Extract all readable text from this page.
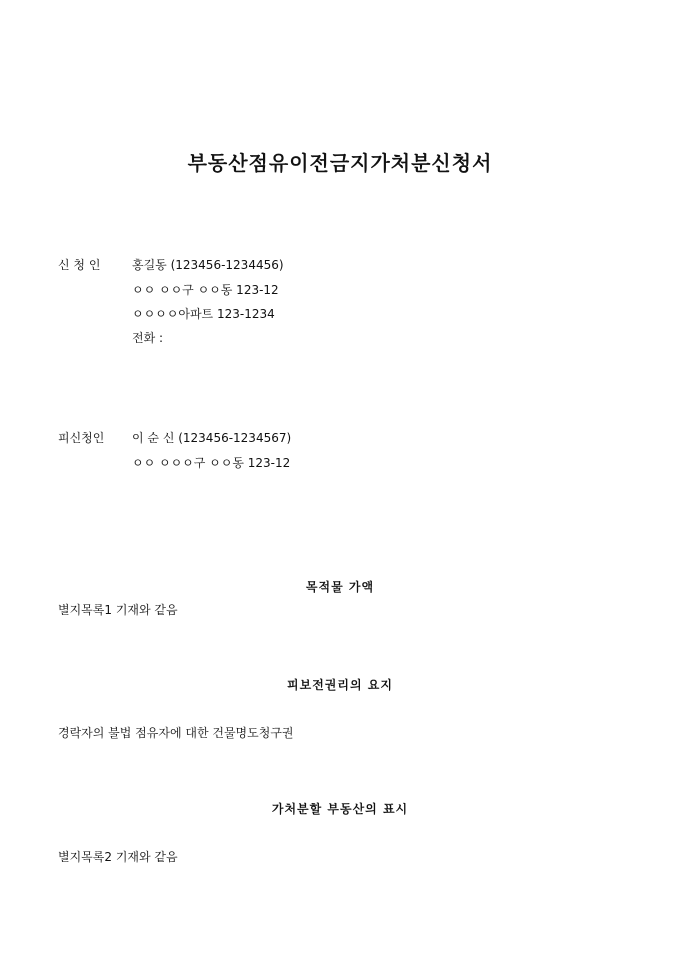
부동산점유이전금지가처분신청서
신 청 인	홍길동 (123456-1234456)
ㅇㅇ ㅇㅇ구 ㅇㅇ동 123-12
ㅇㅇㅇㅇ아파트 123-1234
전화 :
피신청인 이 순 신 (123456-1234567)
ㅇㅇ ㅇㅇㅇ구 ㅇㅇ동 123-12
목적물 가액
별지목록1 기재와 같음
피보전권리의 요지
경락자의 불법 점유자에 대한 건물명도청구권
가처분할 부동산의 표시
별지목록2 기재와 같음
